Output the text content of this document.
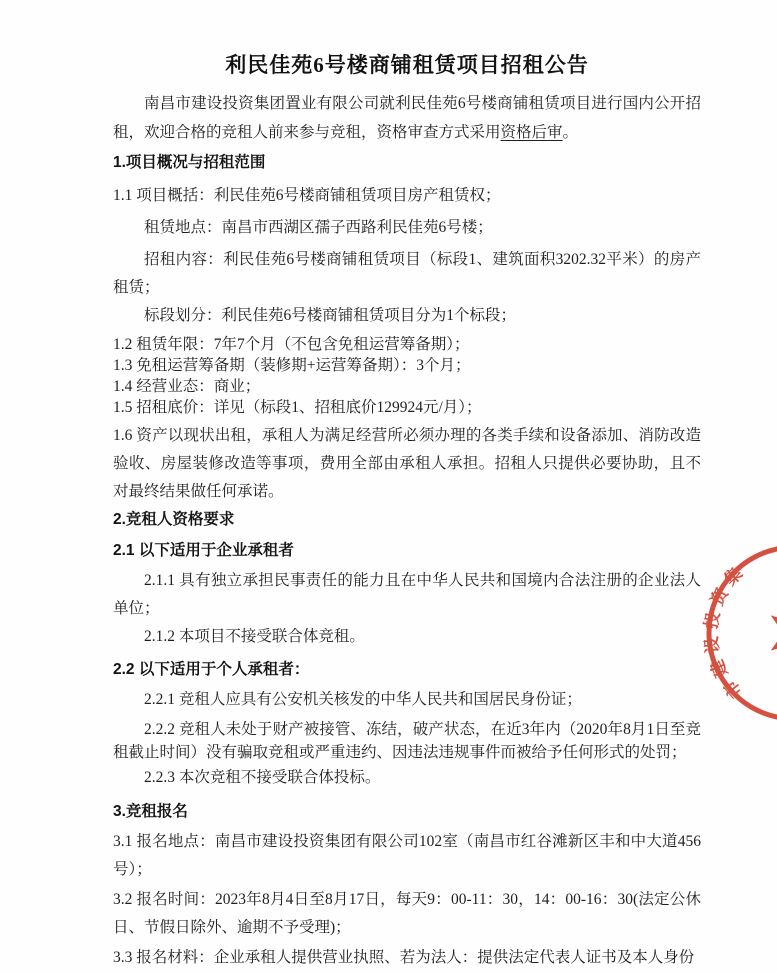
利民佳苑6号楼商铺租赁项目招租公告

南昌市建设投资集团置业有限公司就利民佳苑6号楼商铺租赁项目进行国内公开招租，欢迎合格的竞租人前来参与竞租，资格审查方式采用资格后审。

1.项目概况与招租范围

1.1 项目概括：利民佳苑6号楼商铺租赁项目房产租赁权；

租赁地点：南昌市西湖区孺子西路利民佳苑6号楼；

招租内容：利民佳苑6号楼商铺租赁项目（标段1、建筑面积3202.32平米）的房产租赁；

标段划分：利民佳苑6号楼商铺租赁项目分为1个标段；

1.2 租赁年限：7年7个月（不包含免租运营筹备期）；

1.3 免租运营筹备期（装修期+运营筹备期）：3个月；

1.4 经营业态：商业；

1.5 招租底价：详见（标段1、招租底价129924元/月）；

1.6 资产以现状出租，承租人为满足经营所必须办理的各类手续和设备添加、消防改造验收、房屋装修改造等事项，费用全部由承租人承担。招租人只提供必要协助，且不对最终结果做任何承诺。

2.竞租人资格要求

2.1 以下适用于企业承租者

2.1.1 具有独立承担民事责任的能力且在中华人民共和国境内合法注册的企业法人单位；

2.1.2 本项目不接受联合体竞租。

2.2 以下适用于个人承租者：

2.2.1 竞租人应具有公安机关核发的中华人民共和国居民身份证；

2.2.2 竞租人未处于财产被接管、冻结，破产状态，在近3年内（2020年8月1日至竞租截止时间）没有骗取竞租或严重违约、因违法违规事件而被给予任何形式的处罚；

2.2.3 本次竞租不接受联合体投标。

3.竞租报名

3.1 报名地点：南昌市建设投资集团有限公司102室（南昌市红谷滩新区丰和中大道456号）；

3.2 报名时间：2023年8月4日至8月17日，每天9：00-11：30，14：00-16：30(法定公休日、节假日除外、逾期不予受理)；

3.3 报名材料：企业承租人提供营业执照、若为法人：提供法定代表人证书及本人身份

市建设投资集
